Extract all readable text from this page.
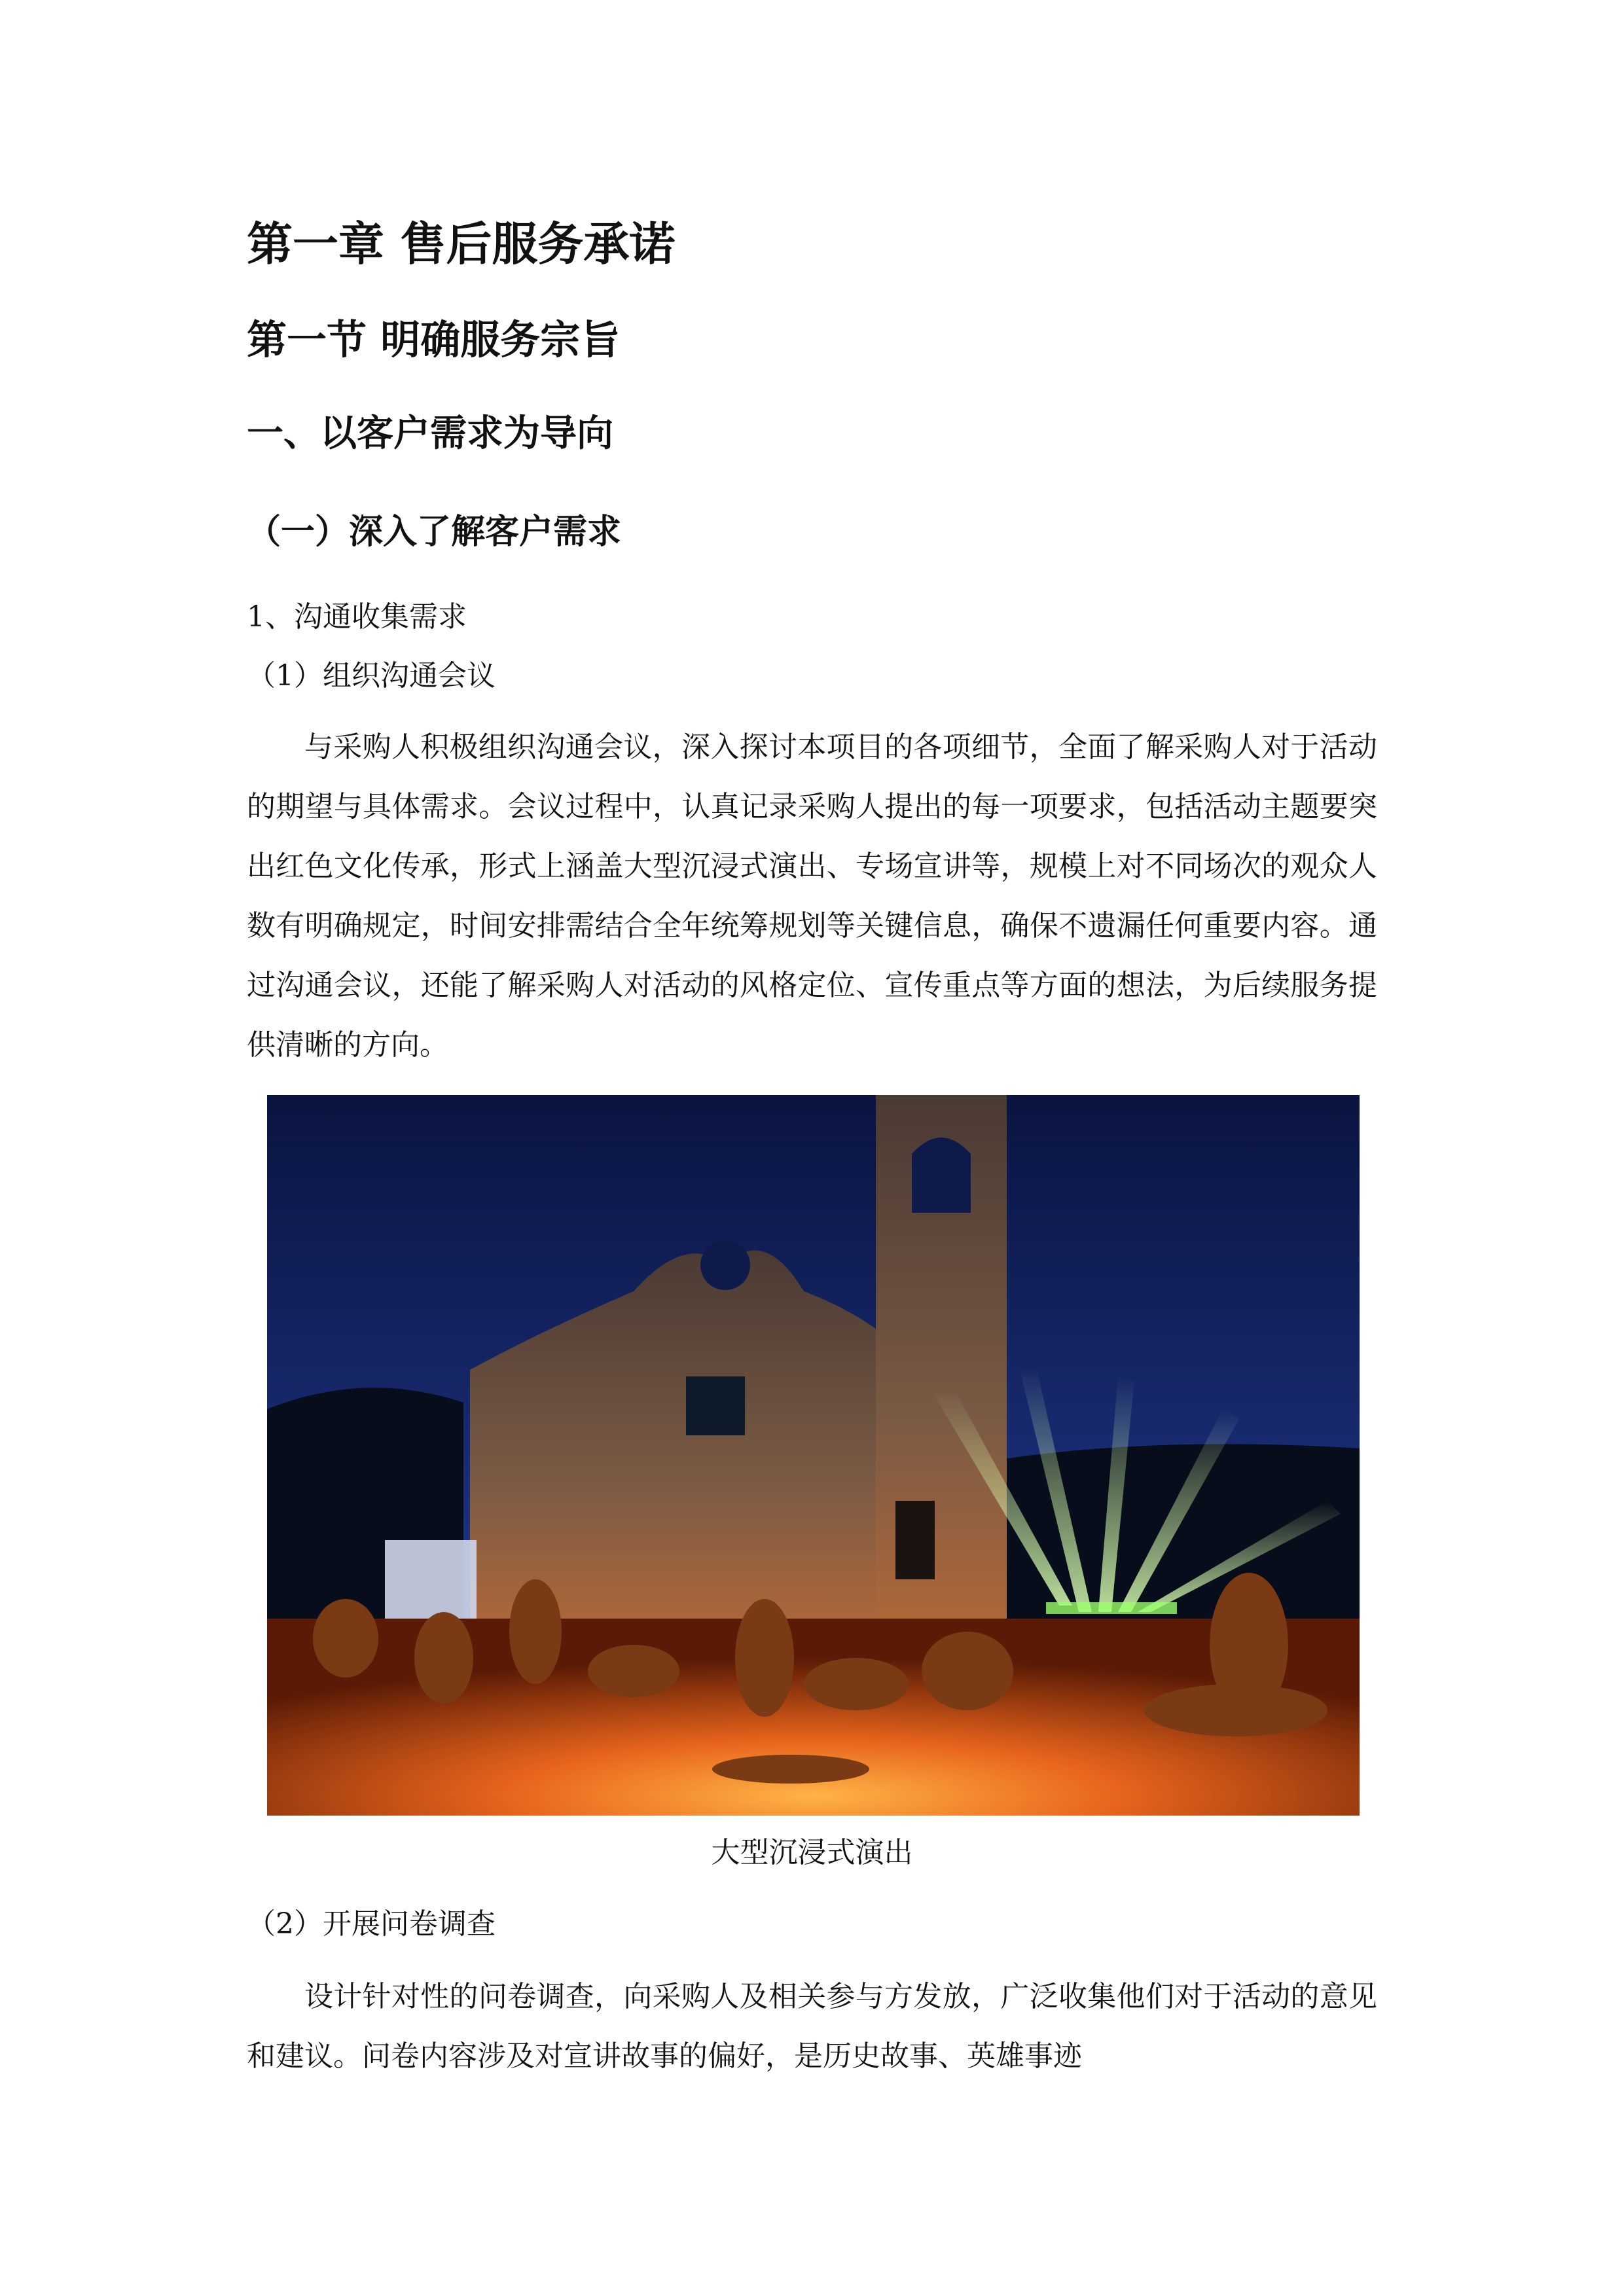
第一章 售后服务承诺
第一节 明确服务宗旨
一、以客户需求为导向
（一）深入了解客户需求
1、沟通收集需求
（1）组织沟通会议

与采购人积极组织沟通会议，深入探讨本项目的各项细节，全面了解采购人对于活动的期望与具体需求。会议过程中，认真记录采购人提出的每一项要求，包括活动主题要突出红色文化传承，形式上涵盖大型沉浸式演出、专场宣讲等，规模上对不同场次的观众人数有明确规定，时间安排需结合全年统筹规划等关键信息，确保不遗漏任何重要内容。通过沟通会议，还能了解采购人对活动的风格定位、宣传重点等方面的想法，为后续服务提供清晰的方向。

大型沉浸式演出

（2）开展问卷调查

设计针对性的问卷调查，向采购人及相关参与方发放，广泛收集他们对于活动的意见和建议。问卷内容涉及对宣讲故事的偏好，是历史故事、英雄事迹
